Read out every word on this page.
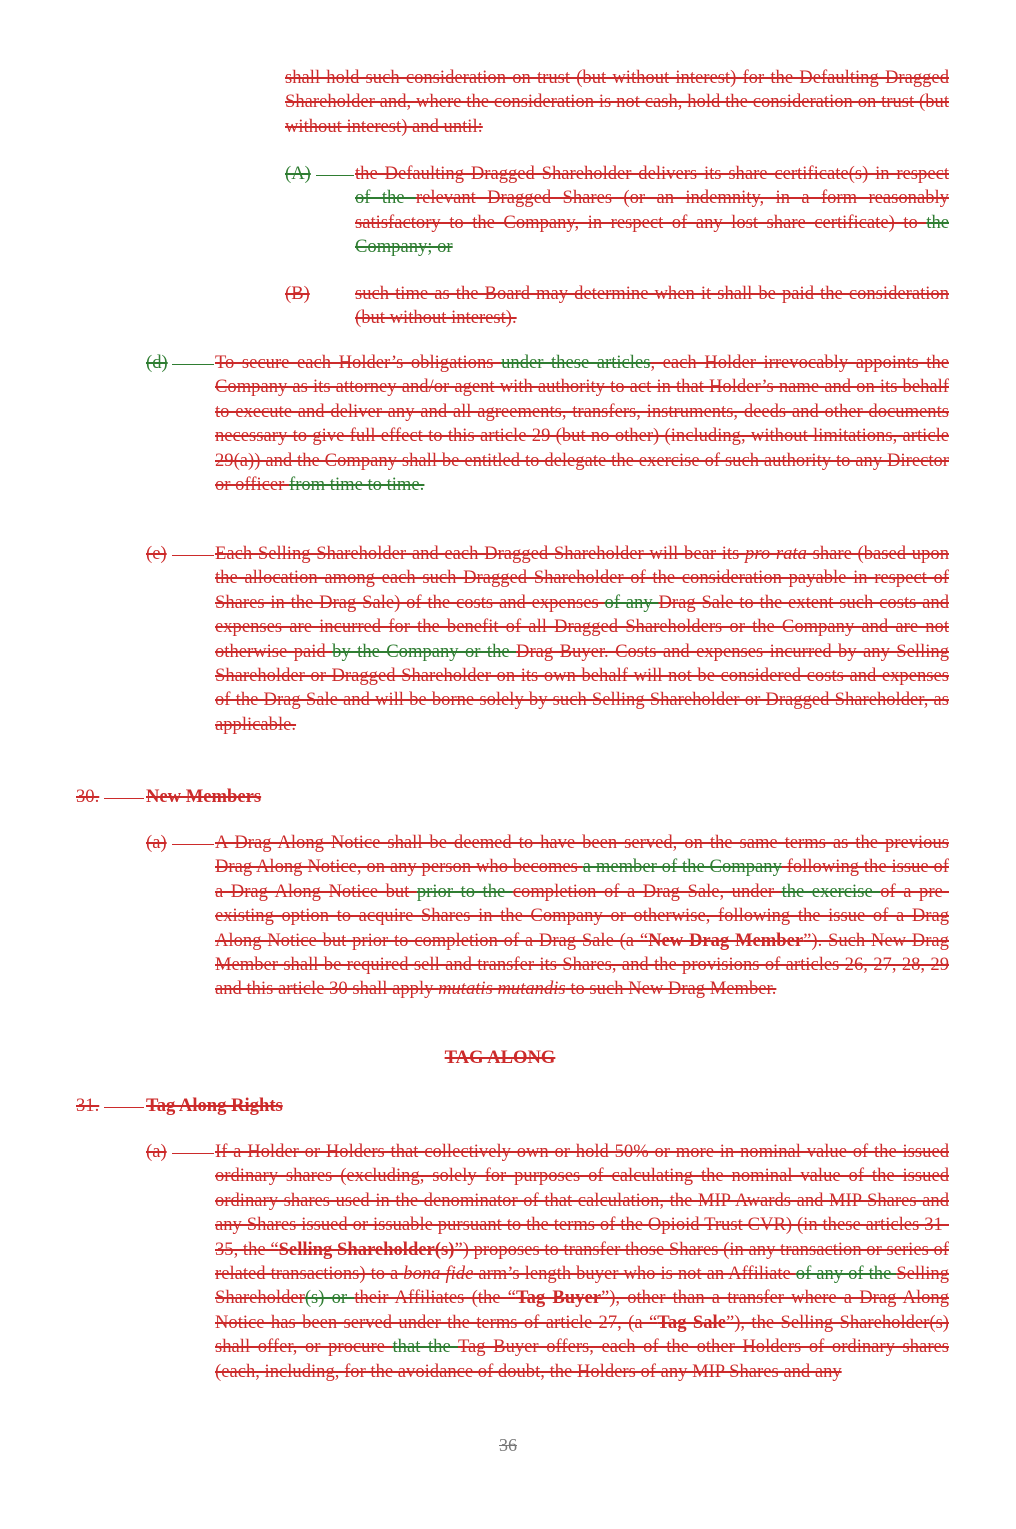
shall hold such consideration on trust (but without interest) for the Defaulting Dragged Shareholder and, where the consideration is not cash, hold the consideration on trust (but without interest) and until:
(A) the Defaulting Dragged Shareholder delivers its share certificate(s) in respect of the relevant Dragged Shares (or an indemnity, in a form reasonably satisfactory to the Company, in respect of any lost share certificate) to the Company; or
(B) such time as the Board may determine when it shall be paid the consideration (but without interest).
(d)	To secure each Holder’s obligations under these articles, each Holder irrevocably appoints the Company as its attorney and/or agent with authority to act in that Holder’s name and on its behalf to execute and deliver any and all agreements, transfers, instruments, deeds and other documents necessary to give full effect to this article 29 (but no other) (including, without limitations, article 29(a)) and the Company shall be entitled to delegate the exercise of such authority to any Director or officer from time to time.
(e)	Each Selling Shareholder and each Dragged Shareholder will bear its pro rata share (based upon the allocation among each such Dragged Shareholder of the consideration payable in respect of Shares in the Drag Sale) of the costs and expenses of any Drag Sale to the extent such costs and expenses are incurred for the benefit of all Dragged Shareholders or the Company and are not otherwise paid by the Company or the Drag Buyer. Costs and expenses incurred by any Selling Shareholder or Dragged Shareholder on its own behalf will not be considered costs and expenses of the Drag Sale and will be borne solely by such Selling Shareholder or Dragged Shareholder, as applicable.
30.	New Members
(a)	A Drag Along Notice shall be deemed to have been served, on the same terms as the previous Drag Along Notice, on any person who becomes a member of the Company following the issue of a Drag Along Notice but prior to the completion of a Drag Sale, under the exercise of a pre-existing option to acquire Shares in the Company or otherwise, following the issue of a Drag Along Notice but prior to completion of a Drag Sale (a “New Drag Member”). Such New Drag Member shall be required sell and transfer its Shares, and the provisions of articles 26, 27, 28, 29 and this article 30 shall apply mutatis mutandis to such New Drag Member.
TAG ALONG
31.	Tag Along Rights
(a)	If a Holder or Holders that collectively own or hold 50% or more in nominal value of the issued ordinary shares (excluding, solely for purposes of calculating the nominal value of the issued ordinary shares used in the denominator of that calculation, the MIP Awards and MIP Shares and any Shares issued or issuable pursuant to the terms of the Opioid Trust CVR) (in these articles 31-35, the “Selling Shareholder(s)”) proposes to transfer those Shares (in any transaction or series of related transactions) to a bona fide arm’s length buyer who is not an Affiliate of any of the Selling Shareholder(s) or their Affiliates (the “Tag Buyer”), other than a transfer where a Drag Along Notice has been served under the terms of article 27, (a “Tag Sale”), the Selling Shareholder(s) shall offer, or procure that the Tag Buyer offers, each of the other Holders of ordinary shares (each, including, for the avoidance of doubt, the Holders of any MIP Shares and any
36
